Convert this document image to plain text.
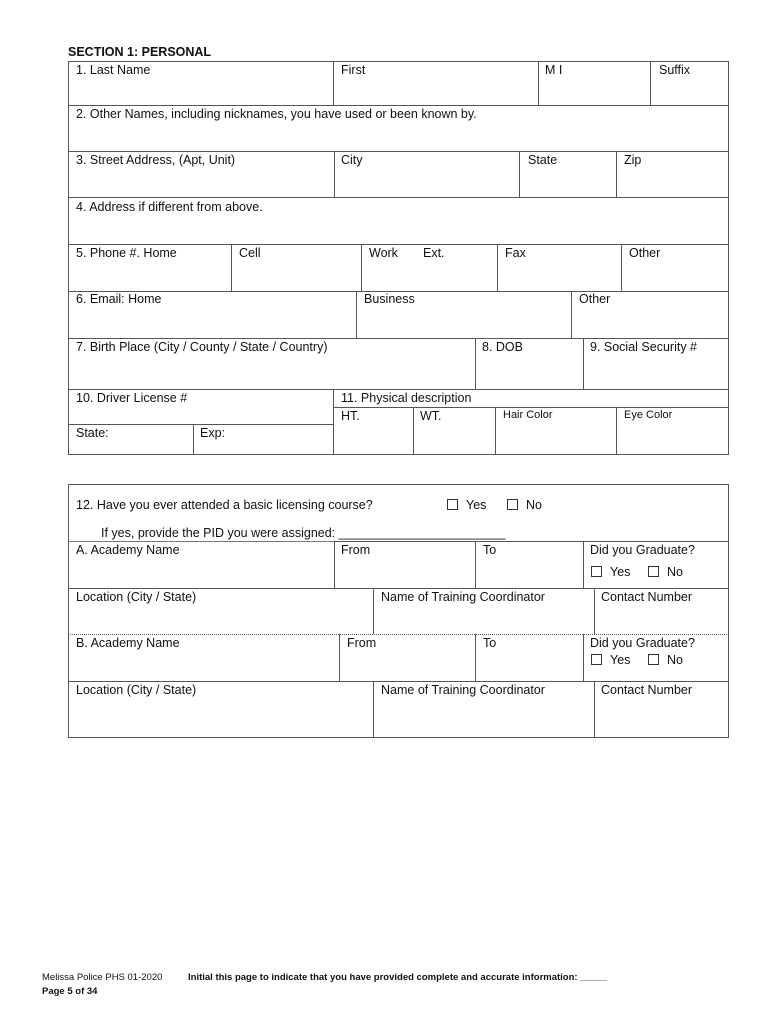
SECTION 1: PERSONAL
1. Last Name	First	M I	Suffix
2. Other Names, including nicknames, you have used or been known by.
3. Street Address, (Apt, Unit)	City	State	Zip
4. Address if different from above.
5. Phone #. Home	Cell	Work Ext.	Fax	Other
6. Email: Home	Business	Other
7. Birth Place (City / County / State / Country)	8. DOB	9. Social Security #
10. Driver License #	11. Physical description
HT.	WT.	Hair Color	Eye Color
State:	Exp:
12. Have you ever attended a basic licensing course?	Yes	No
If yes, provide the PID you were assigned: ________________________
A. Academy Name	From	To	Did you Graduate?
Yes	No
Location (City / State)	Name of Training Coordinator	Contact Number
B. Academy Name	From	To	Did you Graduate?
Yes	No
Location (City / State)	Name of Training Coordinator	Contact Number
Melissa Police PHS 01-2020	Initial this page to indicate that you have provided complete and accurate information: _____
Page 5 of 34
